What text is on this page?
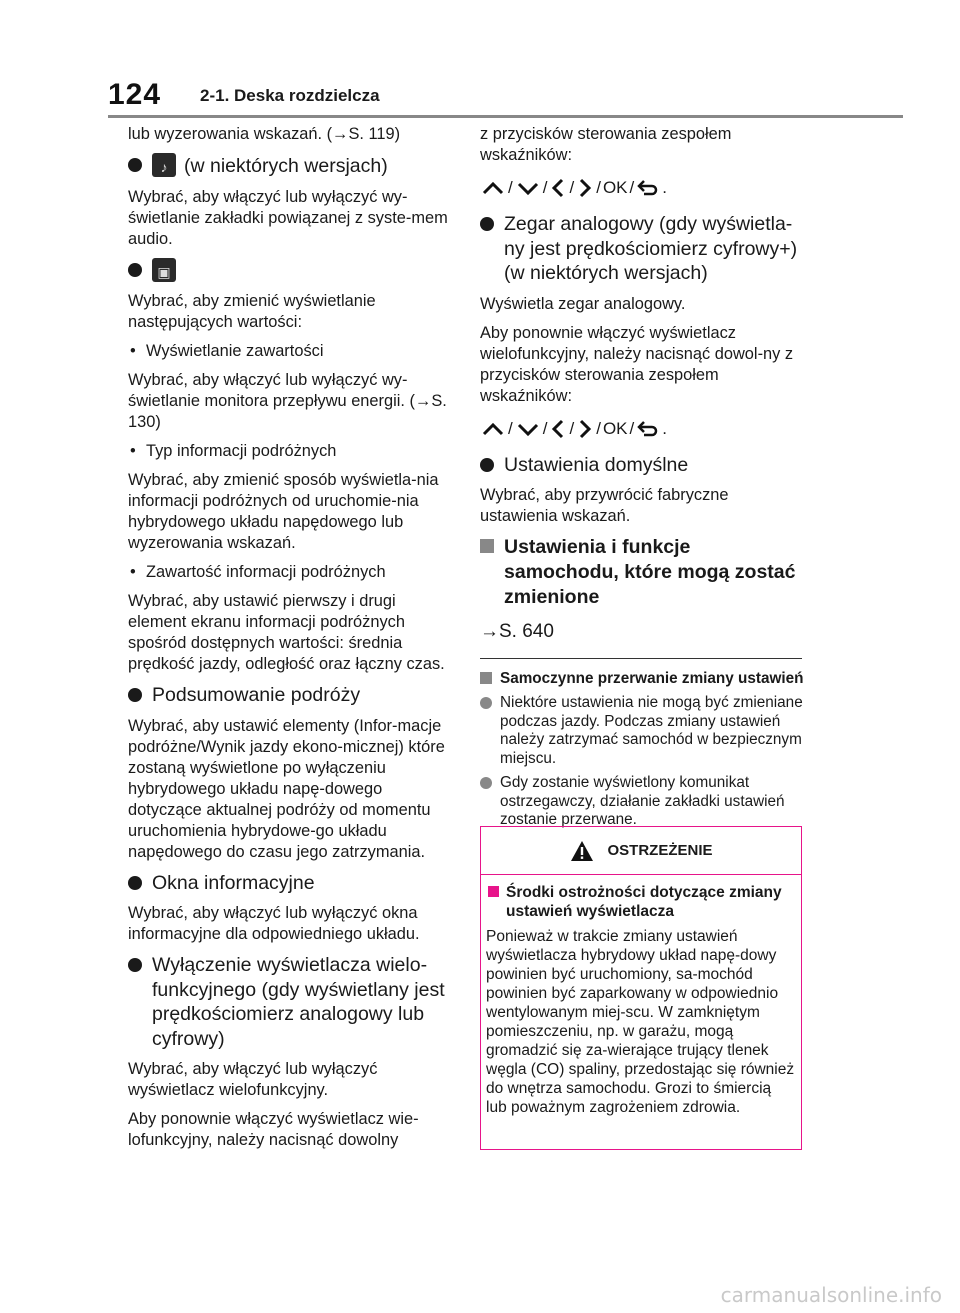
124 2-1. Deska rozdzielcza

lub wyzerowania wskazań. (→S. 119)

♪ (w niektórych wersjach)

Wybrać, aby włączyć lub wyłączyć wy-świetlanie zakładki powiązanej z syste-mem audio.

▣

Wybrać, aby zmienić wyświetlanie następujących wartości:

• Wyświetlanie zawartości

Wybrać, aby włączyć lub wyłączyć wy-świetlanie monitora przepływu energii. (→S. 130)

• Typ informacji podróżnych

Wybrać, aby zmienić sposób wyświetla-nia informacji podróżnych od uruchomie-nia hybrydowego układu napędowego lub wyzerowania wskazań.

• Zawartość informacji podróżnych

Wybrać, aby ustawić pierwszy i drugi element ekranu informacji podróżnych spośród dostępnych wartości: średnia prędkość jazdy, odległość oraz łączny czas.

Podsumowanie podróży

Wybrać, aby ustawić elementy (Infor-macje podróżne/Wynik jazdy ekono-micznej) które zostaną wyświetlone po wyłączeniu hybrydowego układu napę-dowego dotyczące aktualnej podróży od momentu uruchomienia hybrydowe-go układu napędowego do czasu jego zatrzymania.

Okna informacyjne

Wybrać, aby włączyć lub wyłączyć okna informacyjne dla odpowiedniego układu.

Wyłączenie wyświetlacza wielo-funkcyjnego (gdy wyświetlany jest prędkościomierz analogowy lub cyfrowy)

Wybrać, aby włączyć lub wyłączyć wyświetlacz wielofunkcyjny.

Aby ponownie włączyć wyświetlacz wie-lofunkcyjny, należy nacisnąć dowolny

z przycisków sterowania zespołem wskaźników:

/ / / / OK / .
Zegar analogowy (gdy wyświetla-ny jest prędkościomierz cyfrowy+) (w niektórych wersjach)

Wyświetla zegar analogowy.

Aby ponownie włączyć wyświetlacz wielofunkcyjny, należy nacisnąć dowol-ny z przycisków sterowania zespołem wskaźników:

/ / / / OK / .
Ustawienia domyślne

Wybrać, aby przywrócić fabryczne ustawienia wskazań.

Ustawienia i funkcje samochodu, które mogą zostać zmienione

→S. 640

Samoczynne przerwanie zmiany ustawień
Niektóre ustawienia nie mogą być zmieniane podczas jazdy. Podczas zmiany ustawień należy zatrzymać samochód w bezpiecznym miejscu.
Gdy zostanie wyświetlony komunikat ostrzegawczy, działanie zakładki ustawień zostanie przerwane.
OSTRZEŻENIE
Środki ostrożności dotyczące zmiany ustawień wyświetlacza

Ponieważ w trakcie zmiany ustawień wyświetlacza hybrydowy układ napę-dowy powinien być uruchomiony, sa-mochód powinien być zaparkowany w odpowiednio wentylowanym miej-scu. W zamkniętym pomieszczeniu, np. w garażu, mogą gromadzić się za-wierające trujący tlenek węgla (CO) spaliny, przedostając się również do wnętrza samochodu. Grozi to śmiercią lub poważnym zagrożeniem zdrowia.

carmanualsonline.info
